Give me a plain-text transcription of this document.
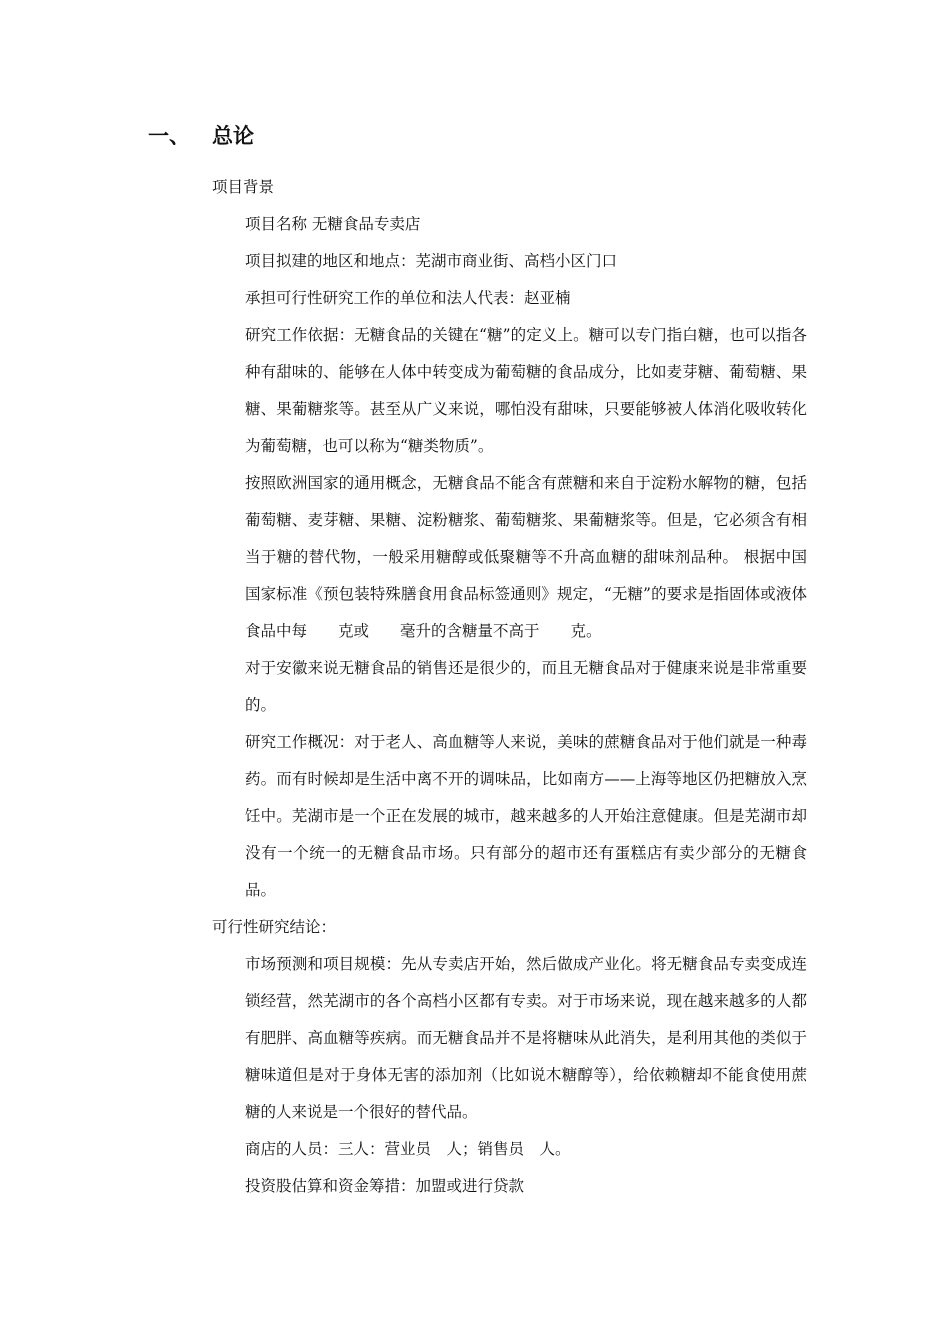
一、 总论
项目背景
项目名称 无糖食品专卖店
项目拟建的地区和地点：芜湖市商业街、高档小区门口
承担可行性研究工作的单位和法人代表：赵亚楠
研究工作依据：无糖食品的关键在“糖”的定义上。糖可以专门指白糖，也可以指各种有甜味的、能够在人体中转变成为葡萄糖的食品成分，比如麦芽糖、葡萄糖、果糖、果葡糖浆等。甚至从广义来说，哪怕没有甜味，只要能够被人体消化吸收转化为葡萄糖，也可以称为“糖类物质”。
按照欧洲国家的通用概念，无糖食品不能含有蔗糖和来自于淀粉水解物的糖，包括葡萄糖、麦芽糖、果糖、淀粉糖浆、葡萄糖浆、果葡糖浆等。但是，它必须含有相当于糖的替代物，一般采用糖醇或低聚糖等不升高血糖的甜味剂品种。 根据中国国家标准《预包装特殊膳食用食品标签通则》规定，“无糖”的要求是指固体或液体食品中每　　克或　　毫升的含糖量不高于　　克。
对于安徽来说无糖食品的销售还是很少的，而且无糖食品对于健康来说是非常重要的。
研究工作概况：对于老人、高血糖等人来说，美味的蔗糖食品对于他们就是一种毒药。而有时候却是生活中离不开的调味品，比如南方——上海等地区仍把糖放入烹饪中。芜湖市是一个正在发展的城市，越来越多的人开始注意健康。但是芜湖市却没有一个统一的无糖食品市场。只有部分的超市还有蛋糕店有卖少部分的无糖食品。
可行性研究结论：
市场预测和项目规模：先从专卖店开始，然后做成产业化。将无糖食品专卖变成连锁经营，然芜湖市的各个高档小区都有专卖。对于市场来说，现在越来越多的人都有肥胖、高血糖等疾病。而无糖食品并不是将糖味从此消失，是利用其他的类似于糖味道但是对于身体无害的添加剂（比如说木糖醇等），给依赖糖却不能食使用蔗糖的人来说是一个很好的替代品。
商店的人员：三人：营业员　人；销售员　人。
投资股估算和资金筹措：加盟或进行贷款
